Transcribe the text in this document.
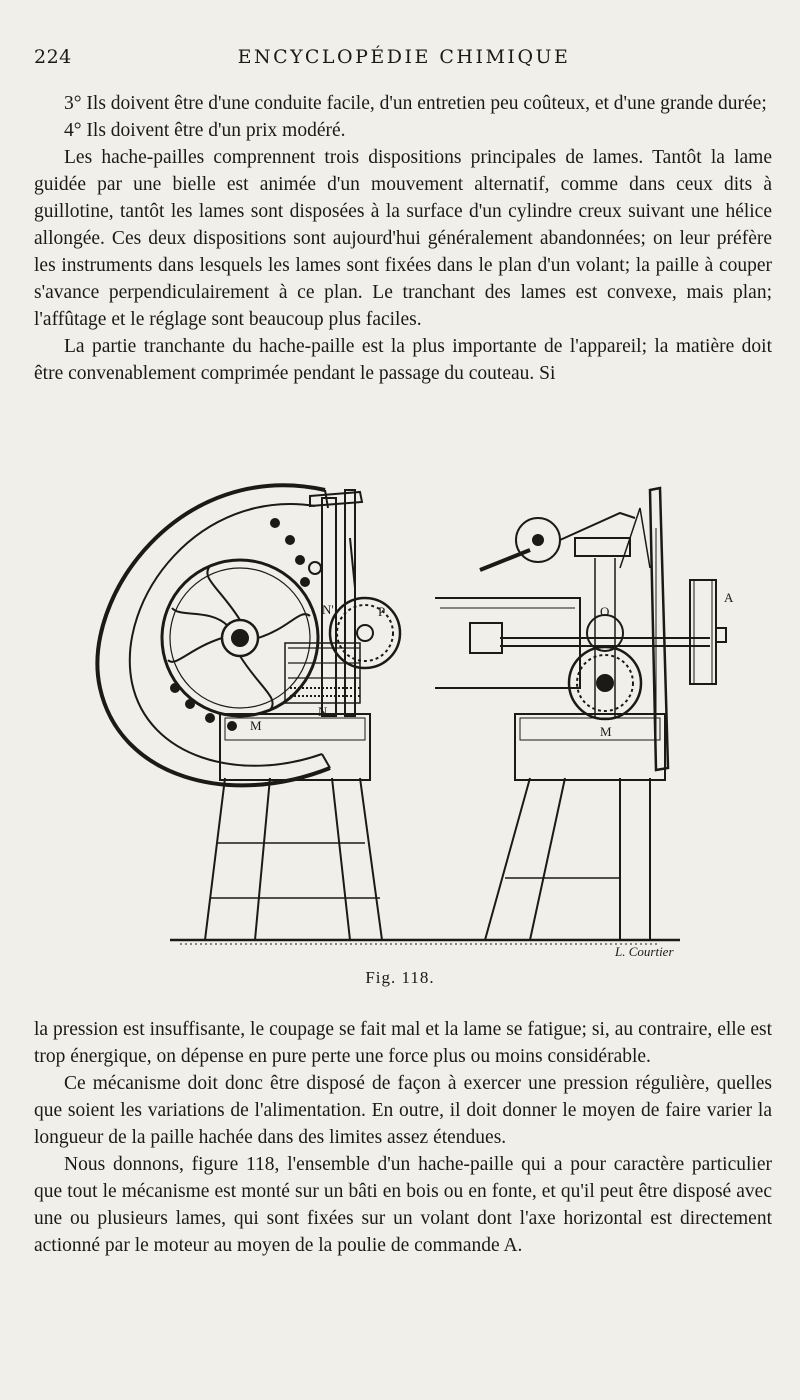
224	ENCYCLOPÉDIE CHIMIQUE

3° Ils doivent être d'une conduite facile, d'un entretien peu coûteux, et d'une grande durée;

4° Ils doivent être d'un prix modéré.

Les hache-pailles comprennent trois dispositions principales de lames. Tantôt la lame guidée par une bielle est animée d'un mouvement alternatif, comme dans ceux dits à guillotine, tantôt les lames sont disposées à la surface d'un cylindre creux suivant une hélice allongée. Ces deux dispositions sont aujourd'hui généralement abandonnées; on leur préfère les instruments dans lesquels les lames sont fixées dans le plan d'un volant; la paille à couper s'avance perpendiculairement à ce plan. Le tranchant des lames est convexe, mais plan; l'affûtage et le réglage sont beaucoup plus faciles.

La partie tranchante du hache-paille est la plus importante de l'appareil; la matière doit être convenablement comprimée pendant le passage du couteau. Si

N'	P
N
M
O
A
M
L. Courtier
Fig. 118.

la pression est insuffisante, le coupage se fait mal et la lame se fatigue; si, au contraire, elle est trop énergique, on dépense en pure perte une force plus ou moins considérable.

Ce mécanisme doit donc être disposé de façon à exercer une pression régulière, quelles que soient les variations de l'alimentation. En outre, il doit donner le moyen de faire varier la longueur de la paille hachée dans des limites assez étendues.

Nous donnons, figure 118, l'ensemble d'un hache-paille qui a pour caractère particulier que tout le mécanisme est monté sur un bâti en bois ou en fonte, et qu'il peut être disposé avec une ou plusieurs lames, qui sont fixées sur un volant dont l'axe horizontal est directement actionné par le moteur au moyen de la poulie de commande A.
